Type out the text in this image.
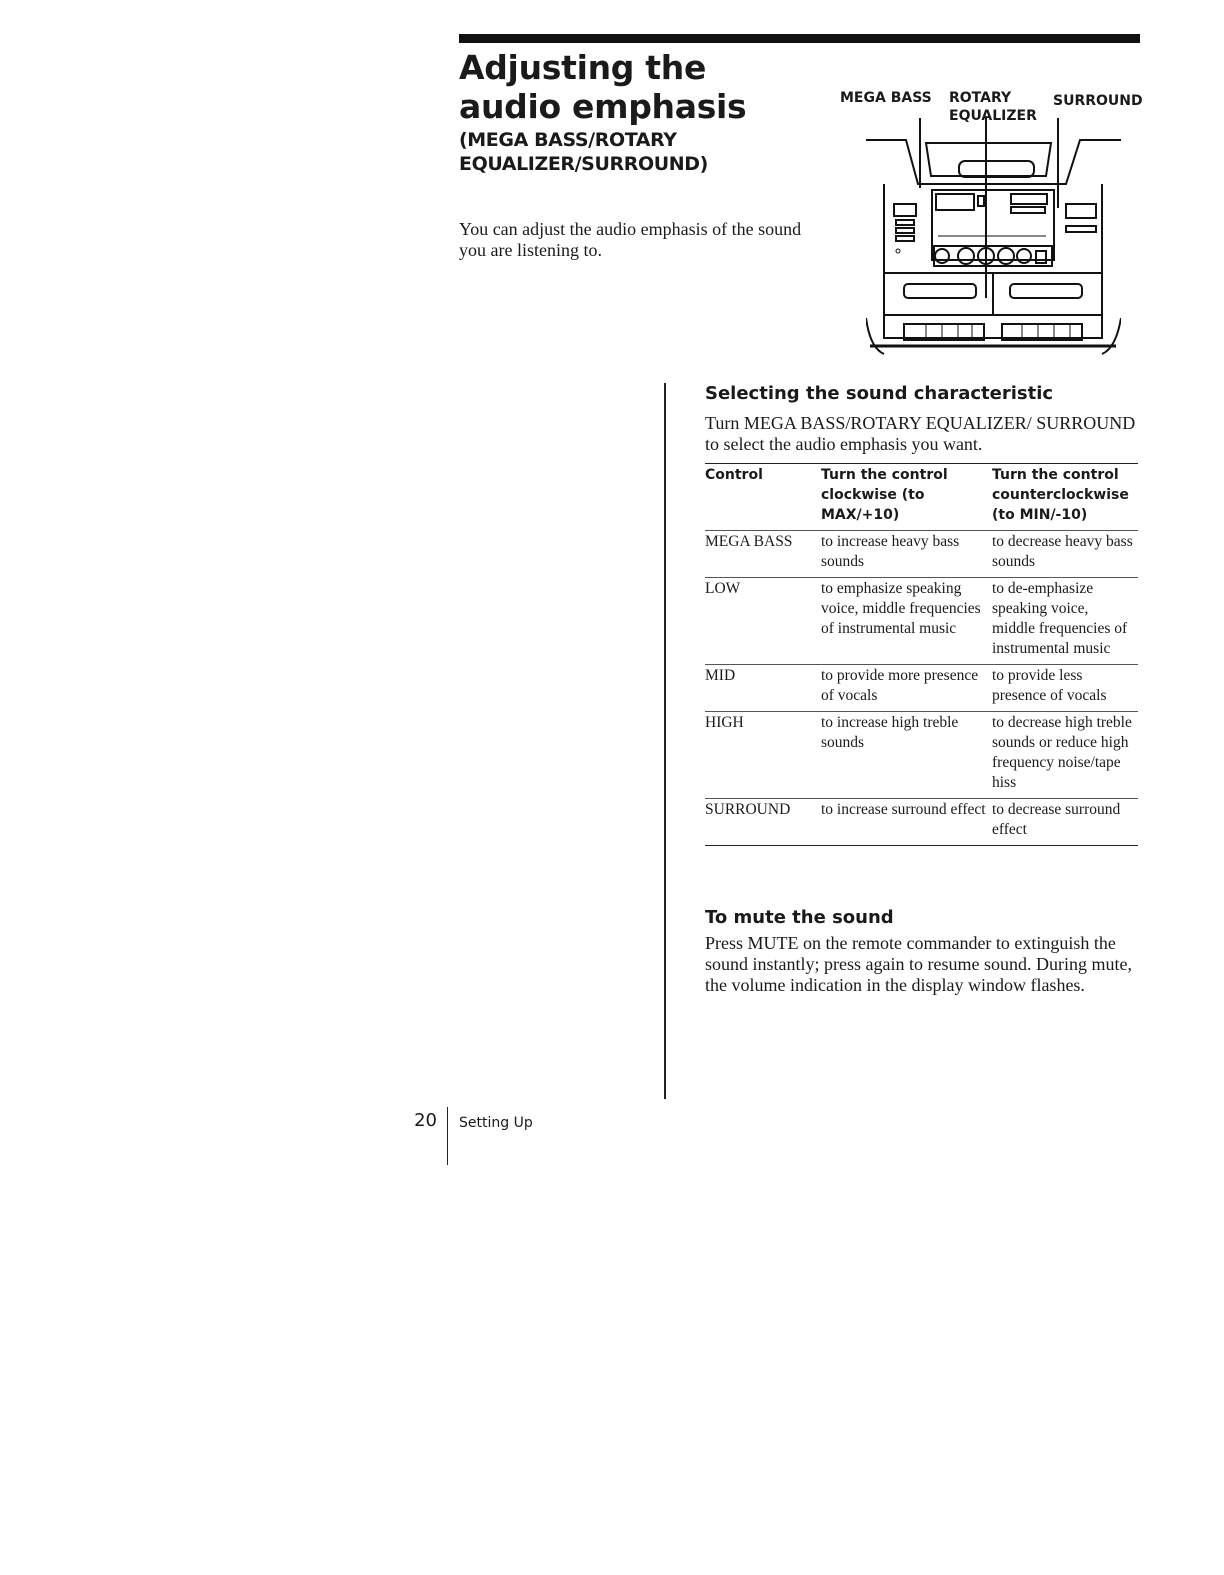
Adjusting the audio emphasis
(MEGA BASS/ROTARY EQUALIZER/SURROUND)

You can adjust the audio emphasis of the sound you are listening to.

MEGA BASS ROTARY
EQUALIZER
SURROUND
Selecting the sound characteristic

Turn MEGA BASS/ROTARY EQUALIZER/ SURROUND to select the audio emphasis you want.

Control	Turn the control clockwise (to MAX/+10)	Turn the control counterclockwise (to MIN/-10)
MEGA BASS	to increase heavy bass sounds	to decrease heavy bass sounds
LOW	to emphasize speaking voice, middle frequencies of instrumental music	to de-emphasize speaking voice, middle frequencies of instrumental music
MID	to provide more presence of vocals	to provide less presence of vocals
HIGH	to increase high treble sounds	to decrease high treble sounds or reduce high frequency noise/tape hiss
SURROUND	to increase surround effect	to decrease surround effect
To mute the sound

Press MUTE on the remote commander to extinguish the sound instantly; press again to resume sound. During mute, the volume indication in the display window flashes.

20 Setting Up
